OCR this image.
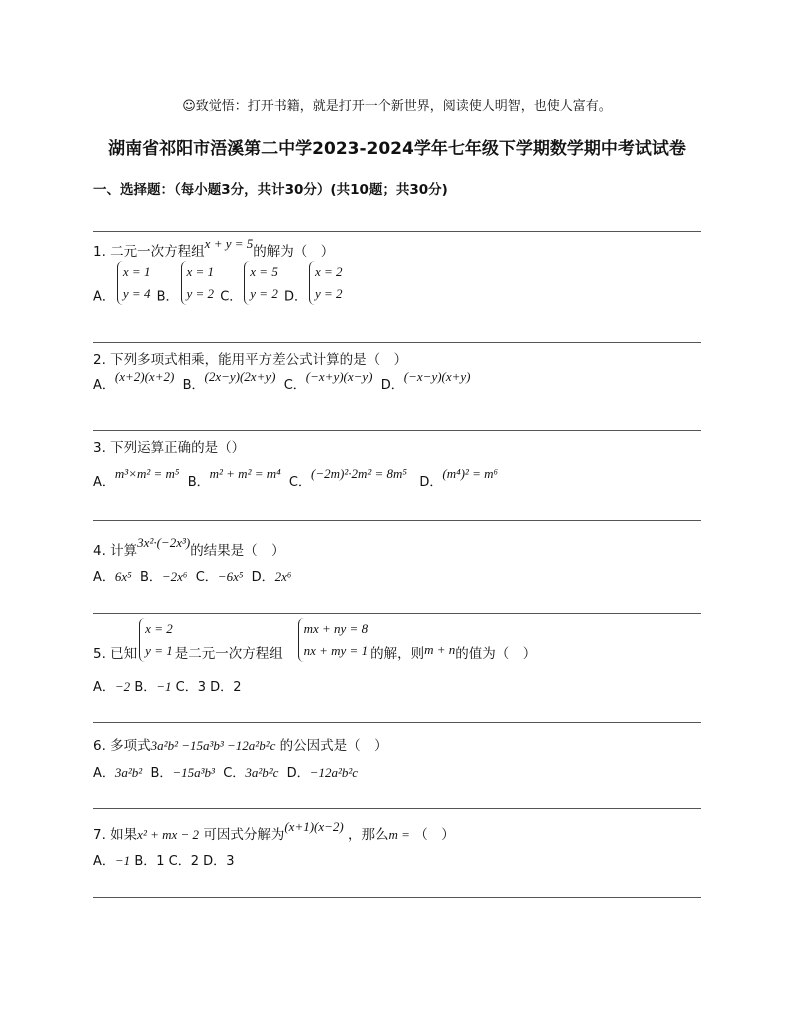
☺致觉悟：打开书籍，就是打开一个新世界，阅读使人明智，也使人富有。
湖南省祁阳市浯溪第二中学2023-2024学年七年级下学期数学期中考试试卷
一、选择题：（每小题3分，共计30分）(共10题；共30分)
1. 二元一次方程组x + y = 5的解为（　）
A．
x = 1
y = 4 B．
x = 1
y = 2 C．
x = 5
y = 2 D．
x = 2
y = 2
2. 下列多项式相乘，能用平方差公式计算的是（　）
A．(x+2)(x+2)  B．(2x−y)(2x+y)  C．(−x+y)(x−y)  D．(−x−y)(x+y)
3. 下列运算正确的是（）
A．m³×m² = m⁵  B．m² + m² = m⁴  C．(−2m)²·2m² = 8m⁵   D．(m⁴)² = m⁶
4. 计算3x²·(−2x³)的结果是（　）
A．6x⁵ B．−2x⁶ C．−6x⁵ D．2x⁶
5. 已知
x = 2
y = 1 是二元一次方程组
mx + ny = 8
nx + my = 1 的解，则m + n的值为（　）
A．−2 B．−1 C．3 D．2
6. 多项式3a²b² −15a³b³ −12a²b²c 的公因式是（　）
A．3a²b² B．−15a³b³ C．3a²b²c D．−12a²b²c
7. 如果x² + mx − 2 可因式分解为(x+1)(x−2) ，那么m = （　）
A．−1 B．1 C．2 D．3
